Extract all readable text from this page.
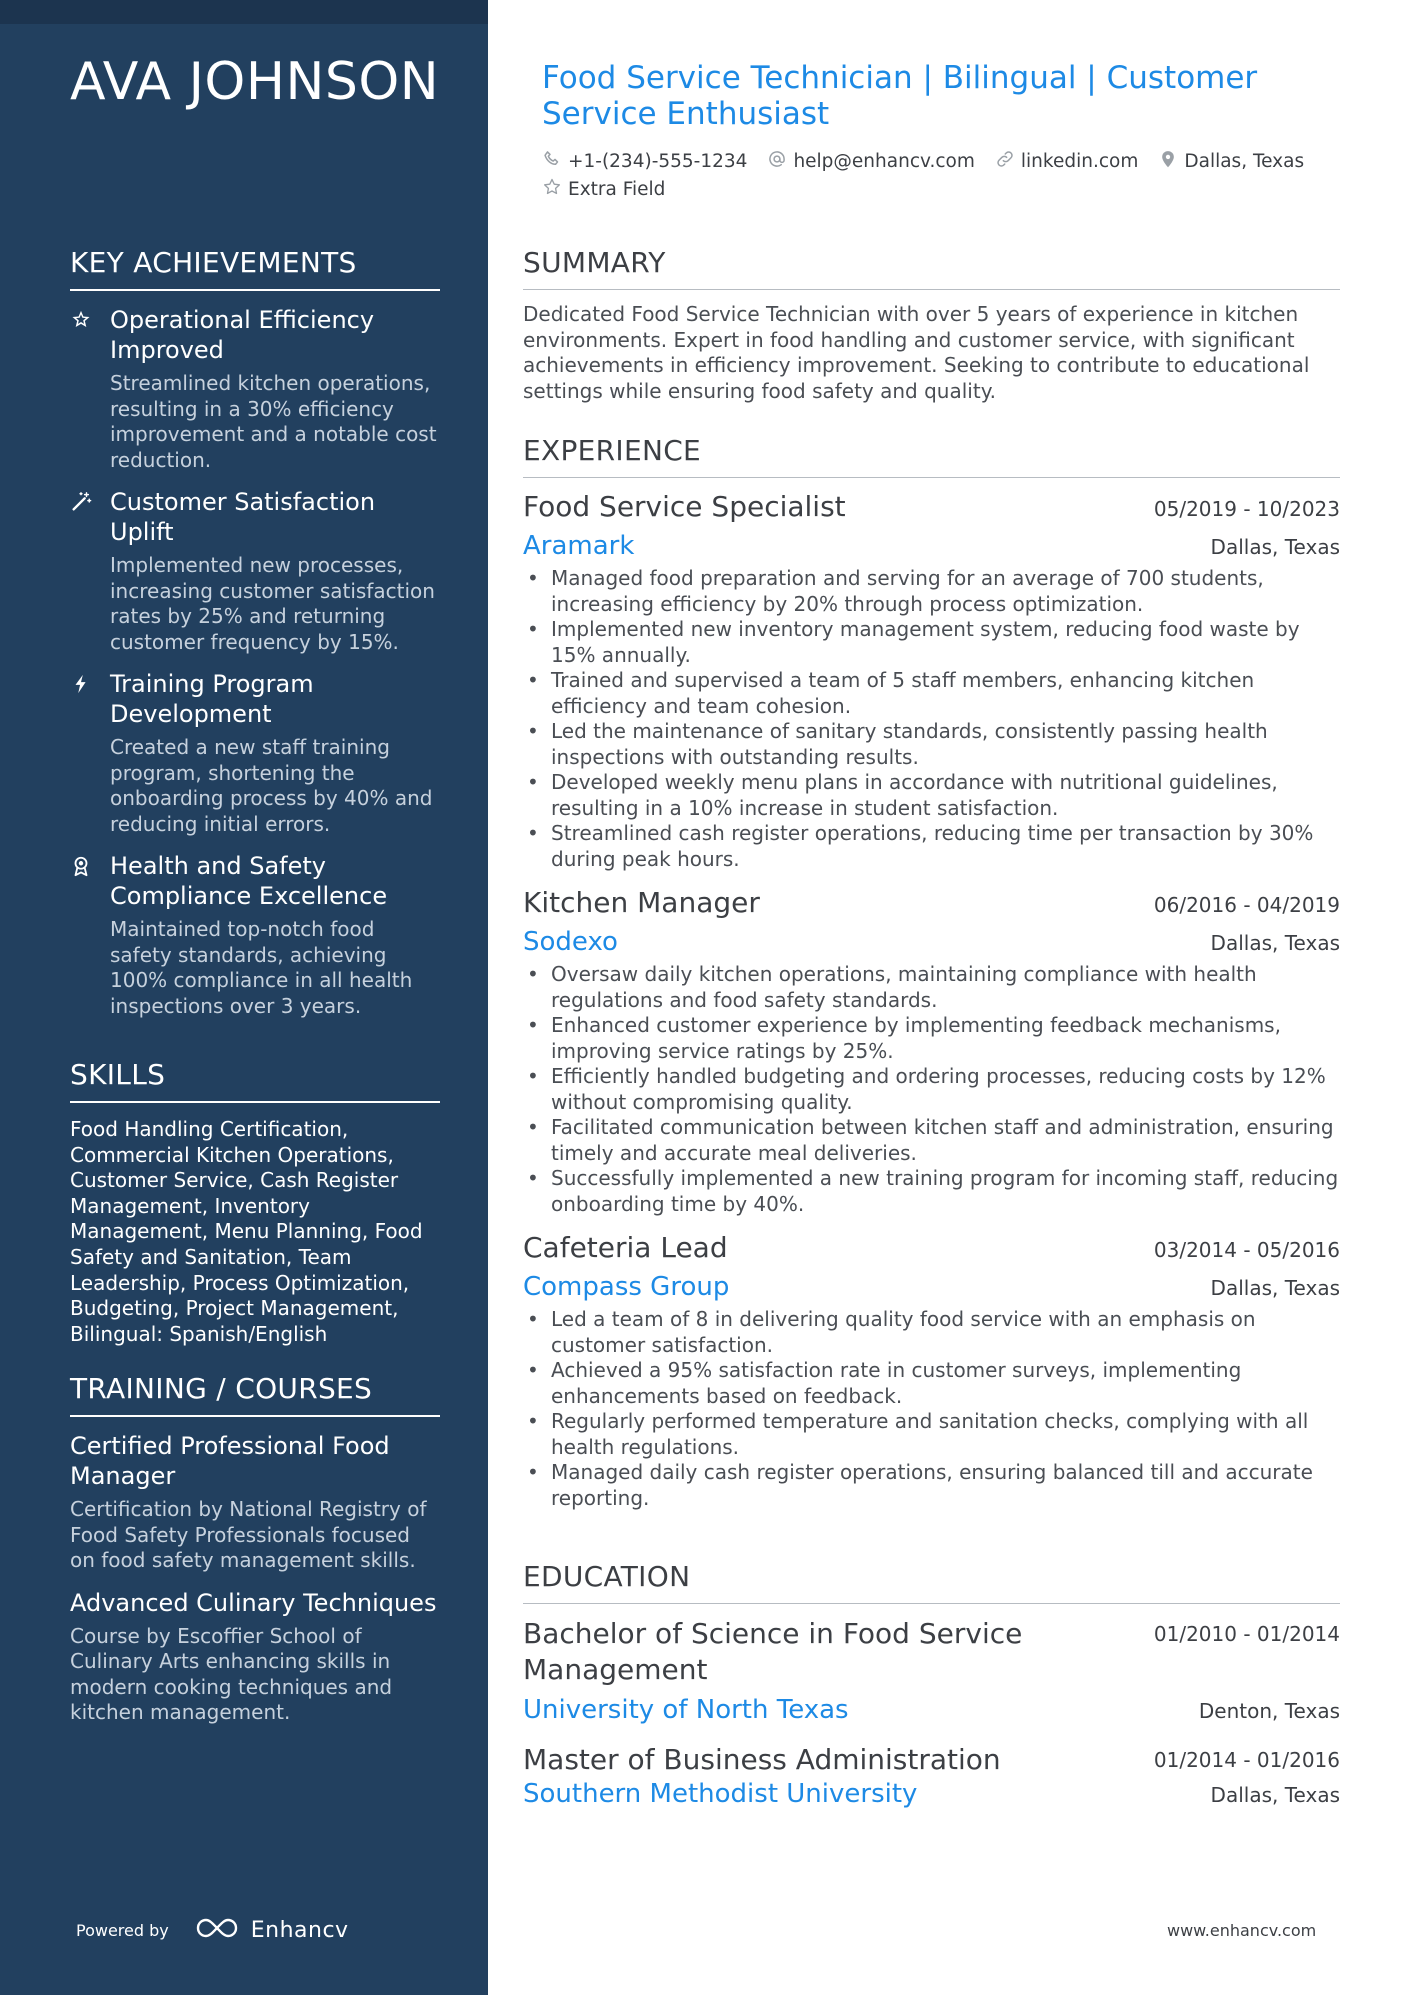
AVA JOHNSON
KEY ACHIEVEMENTS
Operational Efficiency Improved
Streamlined kitchen operations, resulting in a 30% efficiency improvement and a notable cost reduction.
Customer Satisfaction Uplift
Implemented new processes, increasing customer satisfaction rates by 25% and returning customer frequency by 15%.
Training Program Development
Created a new staff training program, shortening the onboarding process by 40% and reducing initial errors.
Health and Safety Compliance Excellence
Maintained top-notch food safety standards, achieving 100% compliance in all health inspections over 3 years.
SKILLS
Food Handling Certification, Commercial Kitchen Operations, Customer Service, Cash Register Management, Inventory Management, Menu Planning, Food Safety and Sanitation, Team Leadership, Process Optimization, Budgeting, Project Management, Bilingual: Spanish/English
TRAINING / COURSES
Certified Professional Food Manager
Certification by National Registry of Food Safety Professionals focused on food safety management skills.
Advanced Culinary Techniques
Course by Escoffier School of Culinary Arts enhancing skills in modern cooking techniques and kitchen management.
Powered by	Enhancv
Food Service Technician | Bilingual | Customer Service Enthusiast
+1-(234)-555-1234 help@enhancv.com linkedin.com Dallas, Texas
Extra Field
SUMMARY
Dedicated Food Service Technician with over 5 years of experience in kitchen environments. Expert in food handling and customer service, with significant achievements in efficiency improvement. Seeking to contribute to educational settings while ensuring food safety and quality.
EXPERIENCE
Food Service Specialist	05/2019 - 10/2023
Aramark	Dallas, Texas
• Managed food preparation and serving for an average of 700 students, increasing efficiency by 20% through process optimization.
• Implemented new inventory management system, reducing food waste by 15% annually.
• Trained and supervised a team of 5 staff members, enhancing kitchen efficiency and team cohesion.
• Led the maintenance of sanitary standards, consistently passing health inspections with outstanding results.
• Developed weekly menu plans in accordance with nutritional guidelines, resulting in a 10% increase in student satisfaction.
• Streamlined cash register operations, reducing time per transaction by 30% during peak hours.
Kitchen Manager	06/2016 - 04/2019
Sodexo	Dallas, Texas
• Oversaw daily kitchen operations, maintaining compliance with health regulations and food safety standards.
• Enhanced customer experience by implementing feedback mechanisms, improving service ratings by 25%.
• Efficiently handled budgeting and ordering processes, reducing costs by 12% without compromising quality.
• Facilitated communication between kitchen staff and administration, ensuring timely and accurate meal deliveries.
• Successfully implemented a new training program for incoming staff, reducing onboarding time by 40%.
Cafeteria Lead	03/2014 - 05/2016
Compass Group	Dallas, Texas
• Led a team of 8 in delivering quality food service with an emphasis on customer satisfaction.
• Achieved a 95% satisfaction rate in customer surveys, implementing enhancements based on feedback.
• Regularly performed temperature and sanitation checks, complying with all health regulations.
• Managed daily cash register operations, ensuring balanced till and accurate reporting.
EDUCATION
Bachelor of Science in Food Service Management
01/2010 - 01/2014
University of North Texas	Denton, Texas
Master of Business Administration	01/2014 - 01/2016
Southern Methodist University	Dallas, Texas
www.enhancv.com
